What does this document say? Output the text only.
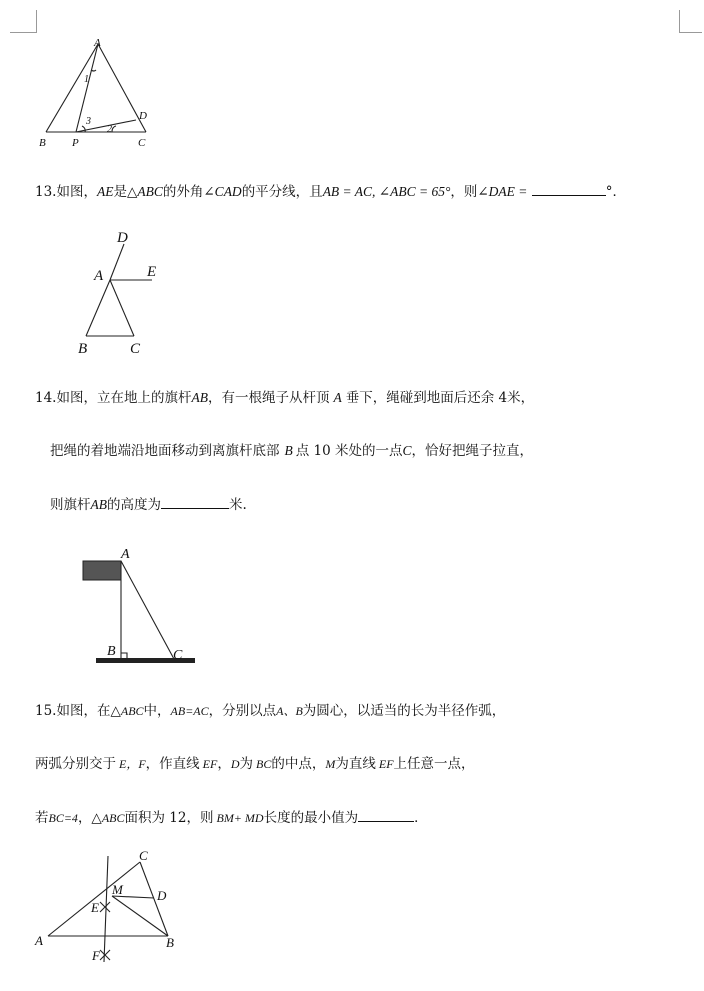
A
D
B P	C
1
2
3
13.如图，AE是△ABC的外角∠CAD的平分线，且AB = AC, ∠ABC = 65°，则∠DAE =	°．
D
A	E
B	C
14.如图，立在地上的旗杆AB，有一根绳子从杆顶 A 垂下，绳碰到地面后还余 4米，
把绳的着地端沿地面移动到离旗杆底部 B 点 10 米处的一点C，恰好把绳子拉直，
则旗杆AB的高度为	米.
A
B	C
15.如图，在△ABC中，AB=AC，分别以点A、B为圆心，以适当的长为半径作弧，
两弧分别交于 E，F，作直线 EF，D为 BC的中点，M为直线 EF上任意一点，
若BC=4，△ABC面积为 12，则 BM+ MD长度的最小值为	．
C
M	D
E
A	B
F
